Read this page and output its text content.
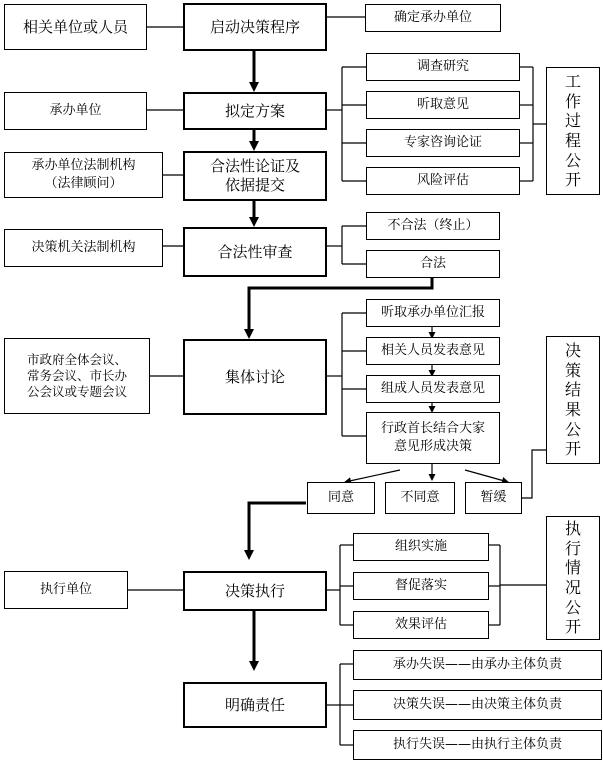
相关单位或人员
承办单位
承办单位法制机构
（法律顾问）
决策机关法制机构
市政府全体会议、
常务会议、市长办
公会议或专题会议
执行单位
启动决策程序
拟定方案
合法性论证及
依据提交
合法性审查
集体讨论
决策执行
明确责任
确定承办单位
调查研究
听取意见
专家咨询论证
风险评估
不合法（终止）
合法
听取承办单位汇报
相关人员发表意见
组成人员发表意见
行政首长结合大家
意见形成决策
同意	不同意	暂缓
组织实施
督促落实
效果评估
承办失误——由承办主体负责
决策失误——由决策主体负责
执行失误——由执行主体负责
工
作
过
程
公
开
决
策
结
果
公
开
执
行
情
况
公
开
